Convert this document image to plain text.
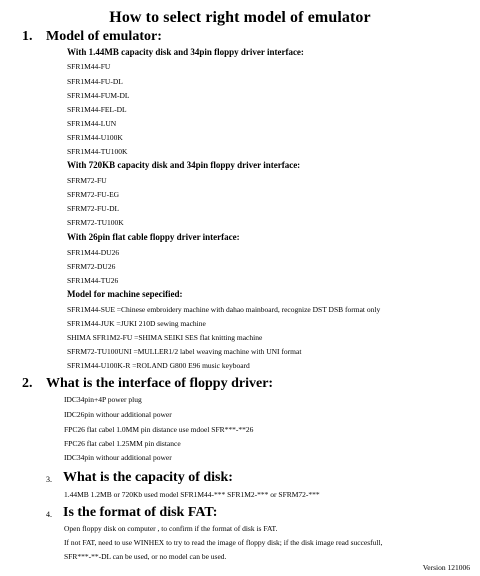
How to select right model of emulator
1. Model of emulator:
With 1.44MB capacity disk and 34pin floppy driver interface:
SFR1M44-FU
SFR1M44-FU-DL
SFR1M44-FUM-DL
SFR1M44-FEL-DL
SFR1M44-LUN
SFR1M44-U100K
SFR1M44-TU100K
With 720KB capacity disk and 34pin floppy driver interface:
SFRM72-FU
SFRM72-FU-EG
SFRM72-FU-DL
SFRM72-TU100K
With 26pin flat cable floppy driver interface:
SFR1M44-DU26
SFRM72-DU26
SFR1M44-TU26
Model for machine sepecified:
SFR1M44-SUE =Chinese embroidery machine with dahao mainboard, recognize DST DSB format only
SFR1M44-JUK =JUKI 210D sewing machine
SHIMA SFR1M2-FU =SHIMA SEIKI SES flat knitting machine
SFRM72-TU100UNI =MULLER1/2 label weaving machine with UNI format
SFR1M44-U100K-R =ROLAND G800 E96 music keyboard
2. What is the interface of floppy driver:
IDC34pin+4P power plug
IDC26pin withour additional power
FPC26 flat cabel 1.0MM pin distance use mdoel SFR***-**26
FPC26 flat cabel 1.25MM pin distance
IDC34pin withour additional power
3. What is the capacity of disk:
1.44MB 1.2MB or 720Kb used model SFR1M44-*** SFR1M2-*** or SFRM72-***
4. Is the format of disk FAT:
Open floppy disk on computer , to confirm if the format of disk is FAT.
If not FAT, need to use WINHEX to try to read the image of floppy disk; if the disk image read succesfull,
SFR***-**-DL can be used, or no model can be used.
Version 121006
